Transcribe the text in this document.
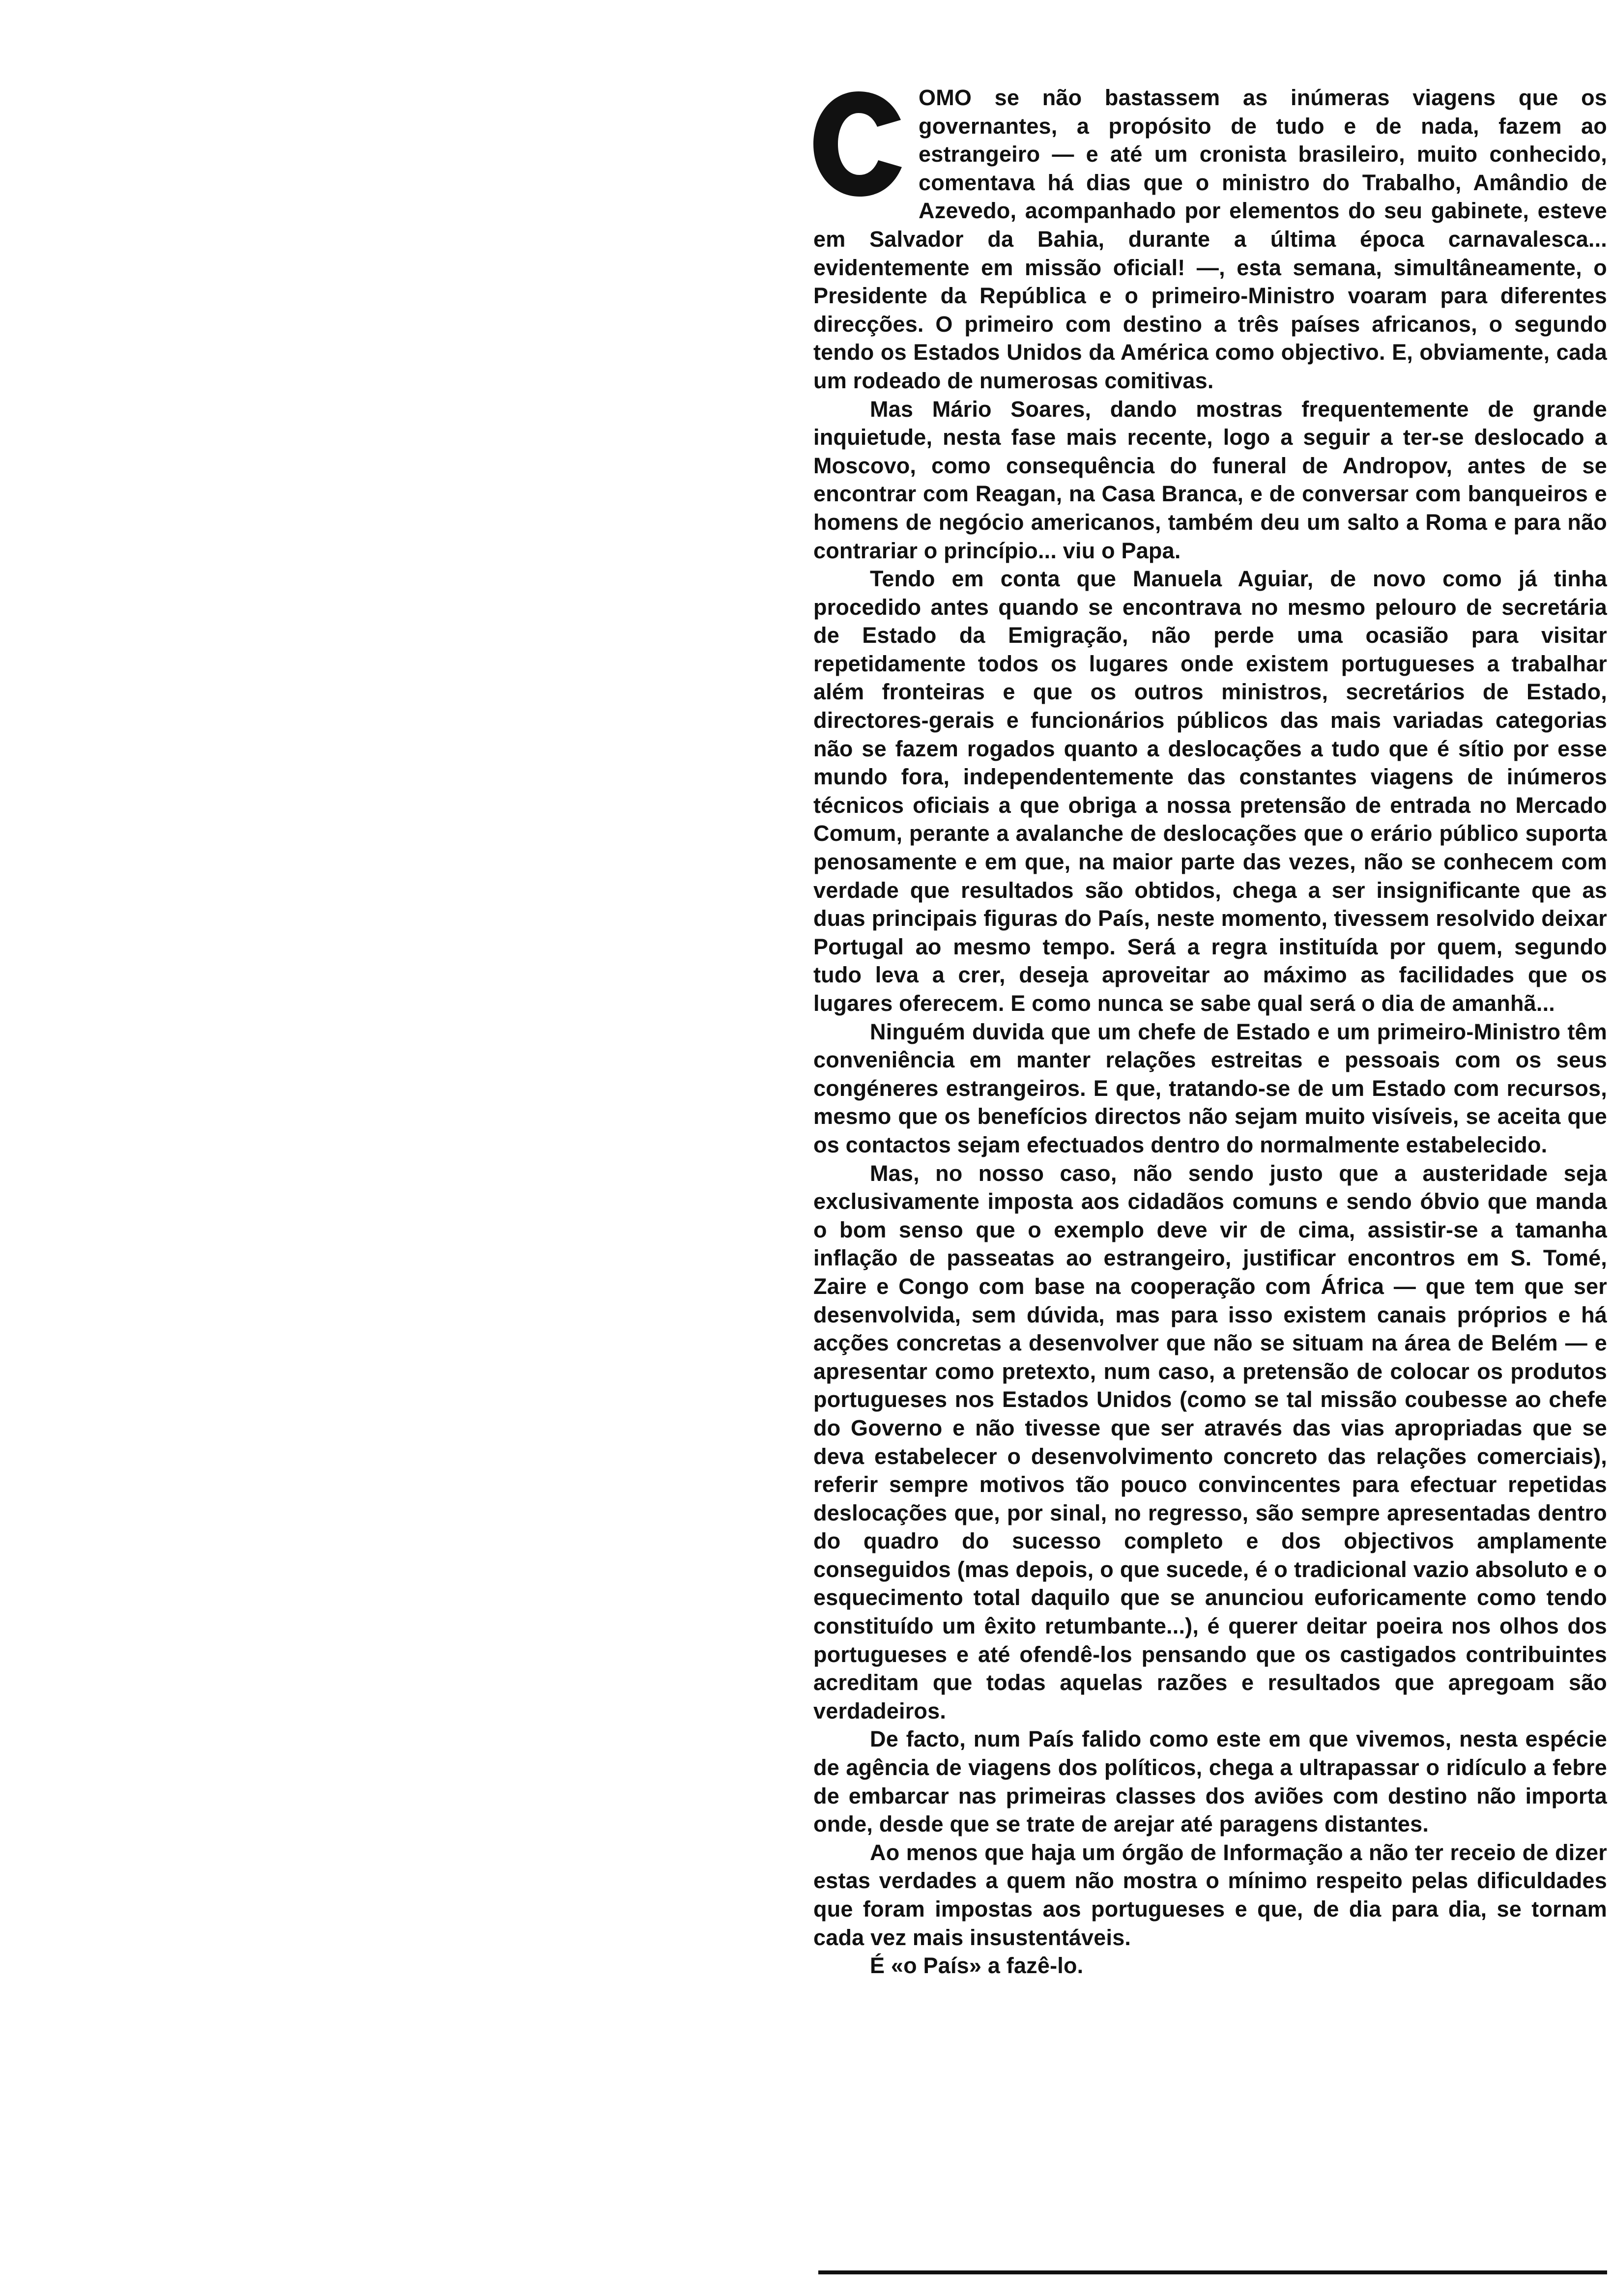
OMO se não bastassem as inúmeras viagens que os governantes, a propósito de tudo e de nada, fazem ao estrangeiro — e até um cronista brasileiro, muito conhecido, comentava há dias que o ministro do Trabalho, Amândio de Azevedo, acompanhado por elementos do seu gabinete, esteve em Salvador da Bahia, durante a última época carnavalesca... evidentemente em missão oficial! —, esta semana, simultâneamente, o Presidente da República e o primeiro-Ministro voaram para diferentes direcções. O primeiro com destino a três países africanos, o segundo tendo os Estados Unidos da América como objectivo. E, obviamente, cada um rodeado de numerosas comitivas.

Mas Mário Soares, dando mostras frequentemente de grande inquietude, nesta fase mais recente, logo a seguir a ter-se deslocado a Moscovo, como consequência do funeral de Andropov, antes de se encontrar com Reagan, na Casa Branca, e de conversar com banqueiros e homens de negócio americanos, também deu um salto a Roma e para não contrariar o princípio... viu o Papa.

Tendo em conta que Manuela Aguiar, de novo como já tinha procedido antes quando se encontrava no mesmo pelouro de secretária de Estado da Emigração, não perde uma ocasião para visitar repetidamente todos os lugares onde existem portugueses a trabalhar além fronteiras e que os outros ministros, secretários de Estado, directores-gerais e funcionários públicos das mais variadas categorias não se fazem rogados quanto a deslocações a tudo que é sítio por esse mundo fora, independentemente das constantes viagens de inúmeros técnicos oficiais a que obriga a nossa pretensão de entrada no Mercado Comum, perante a avalanche de deslocações que o erário público suporta penosamente e em que, na maior parte das vezes, não se conhecem com verdade que resultados são obtidos, chega a ser insignificante que as duas principais figuras do País, neste momento, tivessem resolvido deixar Portugal ao mesmo tempo. Será a regra instituída por quem, segundo tudo leva a crer, deseja aproveitar ao máximo as facilidades que os lugares oferecem. E como nunca se sabe qual será o dia de amanhã...

Ninguém duvida que um chefe de Estado e um primeiro-Ministro têm conveniência em manter relações estreitas e pessoais com os seus congéneres estrangeiros. E que, tratando-se de um Estado com recursos, mesmo que os benefícios directos não sejam muito visíveis, se aceita que os contactos sejam efectuados dentro do normalmente estabelecido.

Mas, no nosso caso, não sendo justo que a austeridade seja exclusivamente imposta aos cidadãos comuns e sendo óbvio que manda o bom senso que o exemplo deve vir de cima, assistir-se a tamanha inflação de passeatas ao estrangeiro, justificar encontros em S. Tomé, Zaire e Congo com base na cooperação com África — que tem que ser desenvolvida, sem dúvida, mas para isso existem canais próprios e há acções concretas a desenvolver que não se situam na área de Belém — e apresentar como pretexto, num caso, a pretensão de colocar os produtos portugueses nos Estados Unidos (como se tal missão coubesse ao chefe do Governo e não tivesse que ser através das vias apropriadas que se deva estabelecer o desenvolvimento concreto das relações comerciais), referir sempre motivos tão pouco convincentes para efectuar repetidas deslocações que, por sinal, no regresso, são sempre apresentadas dentro do quadro do sucesso completo e dos objectivos amplamente conseguidos (mas depois, o que sucede, é o tradicional vazio absoluto e o esquecimento total daquilo que se anunciou euforicamente como tendo constituído um êxito retumbante...), é querer deitar poeira nos olhos dos portugueses e até ofendê-los pensando que os castigados contribuintes acreditam que todas aquelas razões e resultados que apregoam são verdadeiros.

De facto, num País falido como este em que vivemos, nesta espécie de agência de viagens dos políticos, chega a ultrapassar o ridículo a febre de embarcar nas primeiras classes dos aviões com destino não importa onde, desde que se trate de arejar até paragens distantes.

Ao menos que haja um órgão de Informação a não ter receio de dizer estas verdades a quem não mostra o mínimo respeito pelas dificuldades que foram impostas aos portugueses e que, de dia para dia, se tornam cada vez mais insustentáveis.

É «o País» a fazê-lo.
